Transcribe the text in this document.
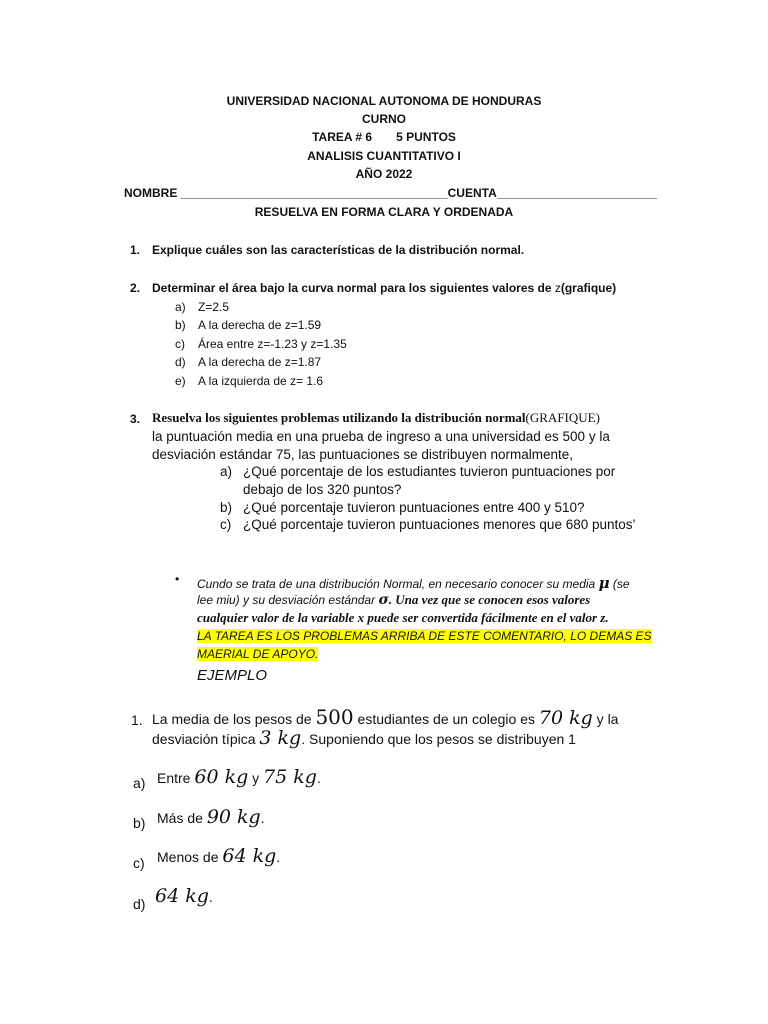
UNIVERSIDAD NACIONAL AUTONOMA DE HONDURAS
CURNO
TAREA # 6 5 PUNTOS
ANALISIS CUANTITATIVO I
AÑO 2022
NOMBRE ________________________________________CUENTA________________________
RESUELVA EN FORMA CLARA Y ORDENADA
1. Explique cuáles son las características de la distribución normal.
2. Determinar el área bajo la curva normal para los siguientes valores de z(grafique)
a) Z=2.5
b) A la derecha de z=1.59
c) Área entre z=-1.23 y z=1.35
d) A la derecha de z=1.87
e) A la izquierda de z= 1.6
3. Resuelva los siguientes problemas utilizando la distribución normal(GRAFIQUE)
la puntuación media en una prueba de ingreso a una universidad es 500 y la
desviación estándar 75, las puntuaciones se distribuyen normalmente,
a) ¿Qué porcentaje de los estudiantes tuvieron puntuaciones por
debajo de los 320 puntos?
b) ¿Qué porcentaje tuvieron puntuaciones entre 400 y 510?
c) ¿Qué porcentaje tuvieron puntuaciones menores que 680 puntos’
• Cundo se trata de una distribución Normal, en necesario conocer su media μ (se
lee miu) y su desviación estándar σ. Una vez que se conocen esos valores
cualquier valor de la variable x puede ser convertida fácilmente en el valor z.
LA TAREA ES LOS PROBLEMAS ARRIBA DE ESTE COMENTARIO, LO DEMAS ES
MAERIAL DE APOYO.
EJEMPLO
1. La media de los pesos de 500 estudiantes de un colegio es 70 kg y la
desviación típica 3 kg. Suponiendo que los pesos se distribuyen 1
a) Entre 60 kg y 75 kg.
b) Más de 90 kg.
c) Menos de 64 kg.
d) 64 kg.
